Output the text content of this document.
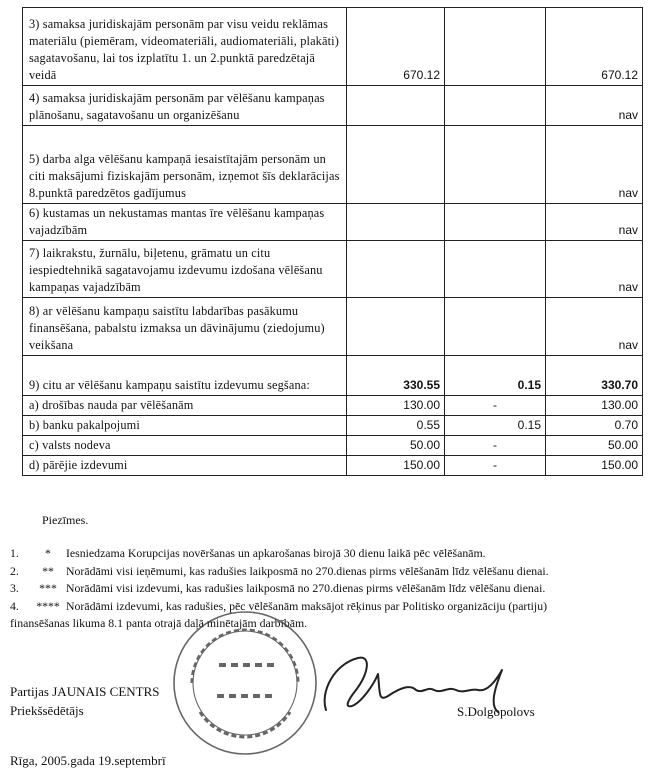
3) samaksa juridiskajām personām par visu veidu reklāmas materiālu (piemēram, videomateriāli, audiomateriāli, plakāti) sagatavošanu, lai tos izplatītu 1. un 2.punktā paredzētajā veidā	670.12		670.12
4) samaksa juridiskajām personām par vēlēšanu kampaņas plānošanu, sagatavošanu un organizēšanu			nav
5) darba alga vēlēšanu kampaņā iesaistītajām personām un citi maksājumi fiziskajām personām, izņemot šīs deklarācijas 8.punktā paredzētos gadījumus			nav
6) kustamas un nekustamas mantas īre vēlēšanu kampaņas vajadzībām			nav
7) laikrakstu, žurnālu, biļetenu, grāmatu un citu iespiedtehnikā sagatavojamu izdevumu izdošana vēlēšanu kampaņas vajadzībām			nav
8) ar vēlēšanu kampaņu saistītu labdarības pasākumu finansēšana, pabalstu izmaksa un dāvinājumu (ziedojumu) veikšana			nav
9) citu ar vēlēšanu kampaņu saistītu izdevumu segšana:	330.55	0.15	330.70
a) drošības nauda par vēlēšanām	130.00	-	130.00
b) banku pakalpojumi	0.55	0.15	0.70
c) valsts nodeva	50.00	-	50.00
d) pārējie izdevumi	150.00	-	150.00
Piezīmes.
1. * Iesniedzama Korupcijas novēršanas un apkarošanas birojā 30 dienu laikā pēc vēlēšanām.
2. ** Norādāmi visi ieņēmumi, kas radušies laikposmā no 270.dienas pirms vēlēšanām līdz vēlēšanu dienai.
3. *** Norādāmi visi izdevumi, kas radušies laikposmā no 270.dienas pirms vēlēšanām līdz vēlēšanu dienai.
4. **** Norādāmi izdevumi, kas radušies, pēc vēlēšanām maksājot rēķinus par Politisko organizāciju (partiju)
finansēšanas likuma 8.1 panta otrajā daļā minētajām darbībām.
Partijas JAUNAIS CENTRS
Priekšsēdētājs	S.Dolgopolovs
Rīga, 2005.gada 19.septembrī
